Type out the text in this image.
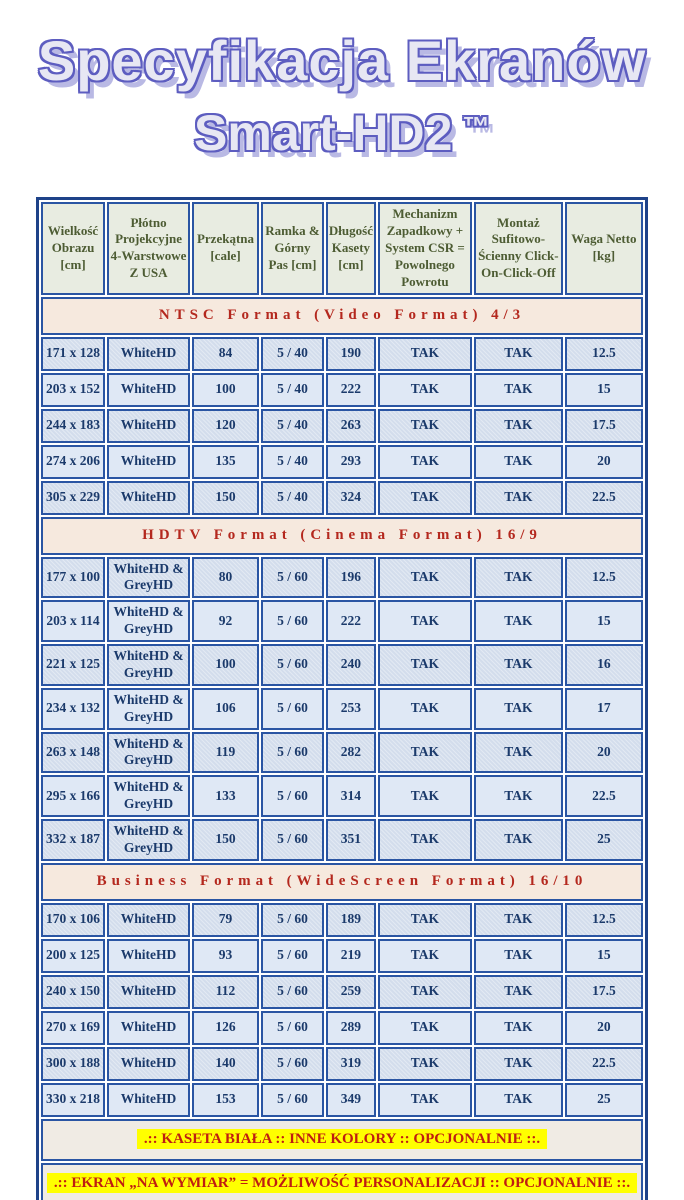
Specyfikacja Ekranów
Smart-HD2 ™
Wielkość Obrazu [cm]	Płótno Projekcyjne 4-Warstwowe Z USA	Przekątna [cale]	Ramka & Górny Pas [cm]	Długość Kasety [cm]	Mechanizm Zapadkowy + System CSR = Powolnego Powrotu	Montaż Sufitowo-Ścienny Click-On-Click-Off	Waga Netto [kg]
NTSC Format (Video Format) 4/3							
171 x 128	WhiteHD	84	5 / 40	190	TAK	TAK	12.5
203 x 152	WhiteHD	100	5 / 40	222	TAK	TAK	15
244 x 183	WhiteHD	120	5 / 40	263	TAK	TAK	17.5
274 x 206	WhiteHD	135	5 / 40	293	TAK	TAK	20
305 x 229	WhiteHD	150	5 / 40	324	TAK	TAK	22.5
HDTV Format (Cinema Format) 16/9							
177 x 100	WhiteHD & GreyHD	80	5 / 60	196	TAK	TAK	12.5
203 x 114	WhiteHD & GreyHD	92	5 / 60	222	TAK	TAK	15
221 x 125	WhiteHD & GreyHD	100	5 / 60	240	TAK	TAK	16
234 x 132	WhiteHD & GreyHD	106	5 / 60	253	TAK	TAK	17
263 x 148	WhiteHD & GreyHD	119	5 / 60	282	TAK	TAK	20
295 x 166	WhiteHD & GreyHD	133	5 / 60	314	TAK	TAK	22.5
332 x 187	WhiteHD & GreyHD	150	5 / 60	351	TAK	TAK	25
Business Format (WideScreen Format) 16/10							
170 x 106	WhiteHD	79	5 / 60	189	TAK	TAK	12.5
200 x 125	WhiteHD	93	5 / 60	219	TAK	TAK	15
240 x 150	WhiteHD	112	5 / 60	259	TAK	TAK	17.5
270 x 169	WhiteHD	126	5 / 60	289	TAK	TAK	20
300 x 188	WhiteHD	140	5 / 60	319	TAK	TAK	22.5
330 x 218	WhiteHD	153	5 / 60	349	TAK	TAK	25
.:: KASETA BIAŁA :: INNE KOLORY :: OPCJONALNIE ::.							
.:: EKRAN „NA WYMIAR” = MOŻLIWOŚĆ PERSONALIZACJI :: OPCJONALNIE ::.							
